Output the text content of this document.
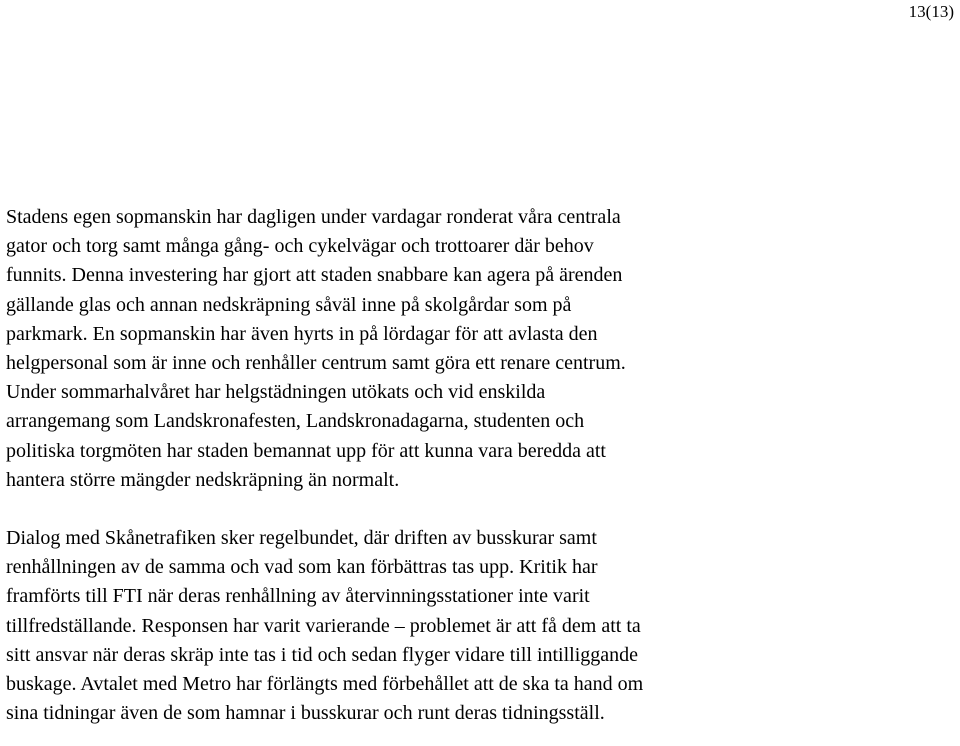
13(13)
Stadens egen sopmanskin har dagligen under vardagar ronderat våra centrala
gator och torg samt många gång- och cykelvägar och trottoarer där behov
funnits. Denna investering har gjort att staden snabbare kan agera på ärenden
gällande glas och annan nedskräpning såväl inne på skolgårdar som på
parkmark. En sopmanskin har även hyrts in på lördagar för att avlasta den
helgpersonal som är inne och renhåller centrum samt göra ett renare centrum.
Under sommarhalvåret har helgstädningen utökats och vid enskilda
arrangemang som Landskronafesten, Landskronadagarna, studenten och
politiska torgmöten har staden bemannat upp för att kunna vara beredda att
hantera större mängder nedskräpning än normalt.
Dialog med Skånetrafiken sker regelbundet, där driften av busskurar samt
renhållningen av de samma och vad som kan förbättras tas upp. Kritik har
framförts till FTI när deras renhållning av återvinningsstationer inte varit
tillfredställande. Responsen har varit varierande – problemet är att få dem att ta
sitt ansvar när deras skräp inte tas i tid och sedan flyger vidare till intilliggande
buskage. Avtalet med Metro har förlängts med förbehållet att de ska ta hand om
sina tidningar även de som hamnar i busskurar och runt deras tidningsställ.
